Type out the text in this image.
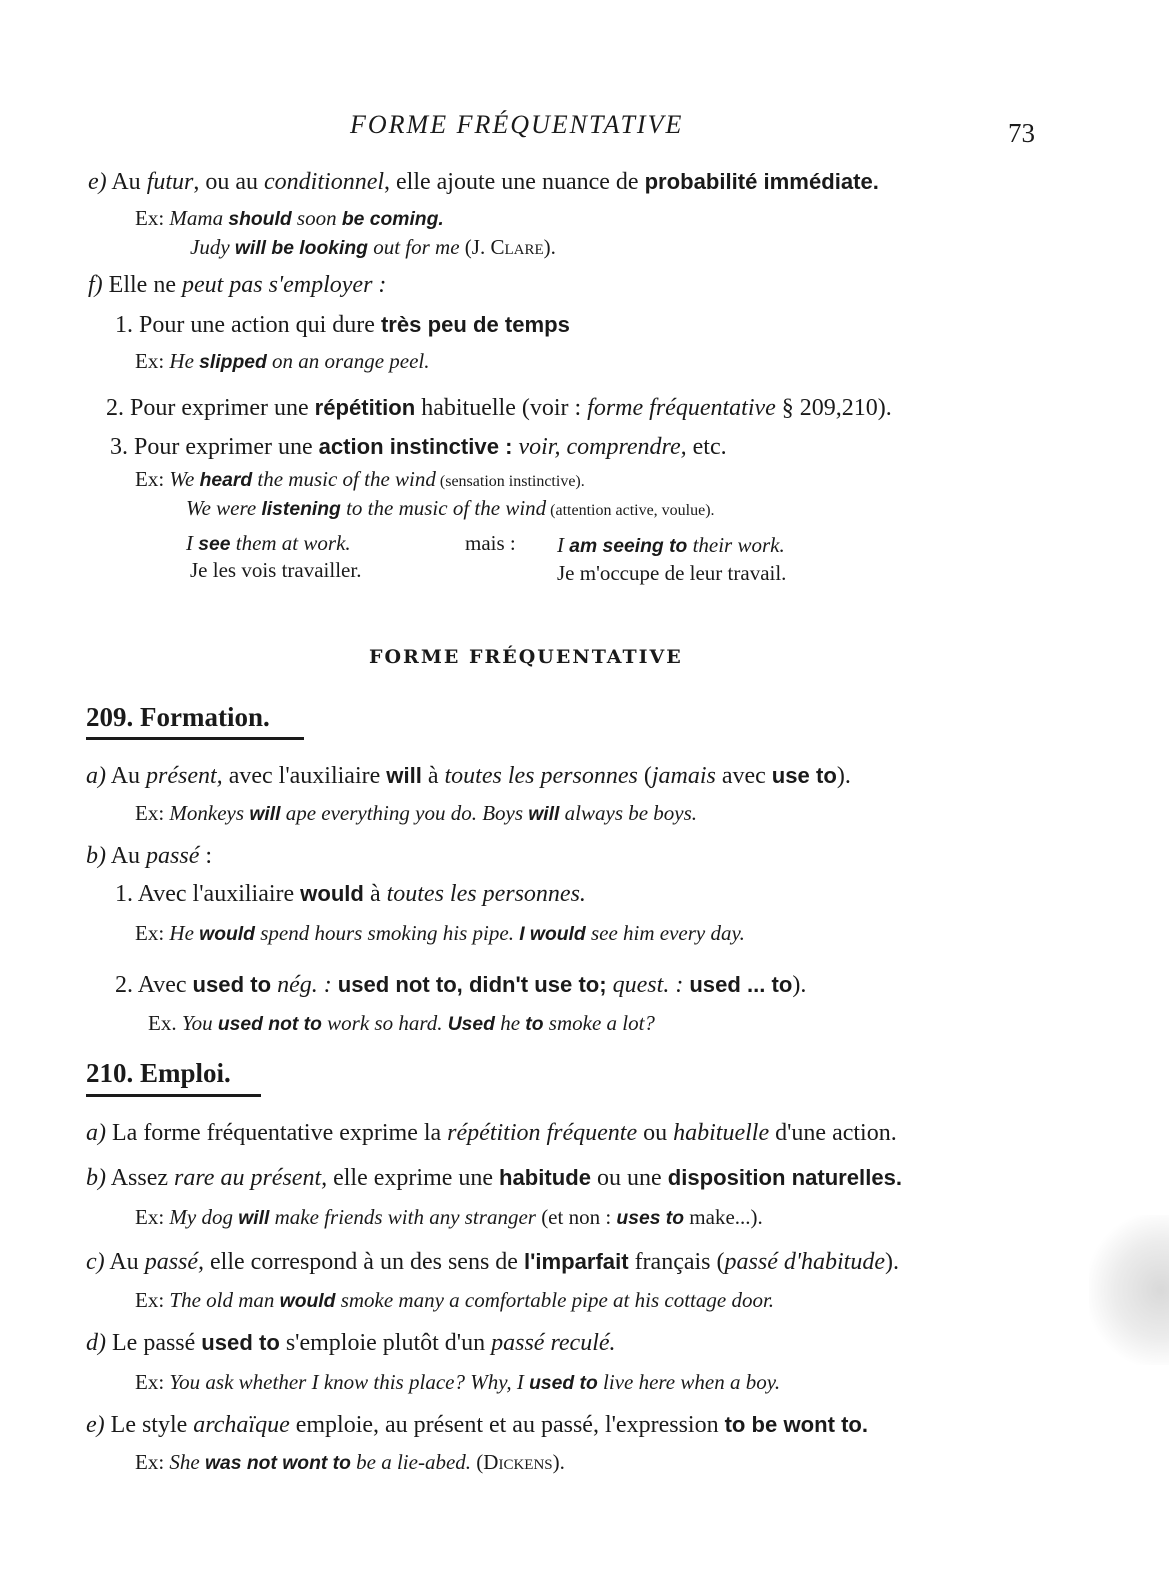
FORME FRÉQUENTATIVE	73
e) Au futur, ou au conditionnel, elle ajoute une nuance de probabilité immédiate.
Ex: Mama should soon be coming.
Judy will be looking out for me (J. Clare).
f) Elle ne peut pas s'employer :
1. Pour une action qui dure très peu de temps
Ex: He slipped on an orange peel.
2. Pour exprimer une répétition habituelle (voir : forme fréquentative § 209,210).
3. Pour exprimer une action instinctive : voir, comprendre, etc.
Ex: We heard the music of the wind (sensation instinctive).
We were listening to the music of the wind (attention active, voulue).
I see them at work.	mais : I am seeing to their work.
Je les vois travailler.	Je m'occupe de leur travail.
FORME FRÉQUENTATIVE
209. Formation.
a) Au présent, avec l'auxiliaire will à toutes les personnes (jamais avec use to).
Ex: Monkeys will ape everything you do. Boys will always be boys.
b) Au passé :
1. Avec l'auxiliaire would à toutes les personnes.
Ex: He would spend hours smoking his pipe. I would see him every day.
2. Avec used to nég. : used not to, didn't use to; quest. : used ... to).
Ex. You used not to work so hard. Used he to smoke a lot?
210. Emploi.
a) La forme fréquentative exprime la répétition fréquente ou habituelle d'une action.
b) Assez rare au présent, elle exprime une habitude ou une disposition naturelles.
Ex: My dog will make friends with any stranger (et non : uses to make...).
c) Au passé, elle correspond à un des sens de l'imparfait français (passé d'habitude).
Ex: The old man would smoke many a comfortable pipe at his cottage door.
d) Le passé used to s'emploie plutôt d'un passé reculé.
Ex: You ask whether I know this place? Why, I used to live here when a boy.
e) Le style archaïque emploie, au présent et au passé, l'expression to be wont to.
Ex: She was not wont to be a lie-abed. (Dickens).
